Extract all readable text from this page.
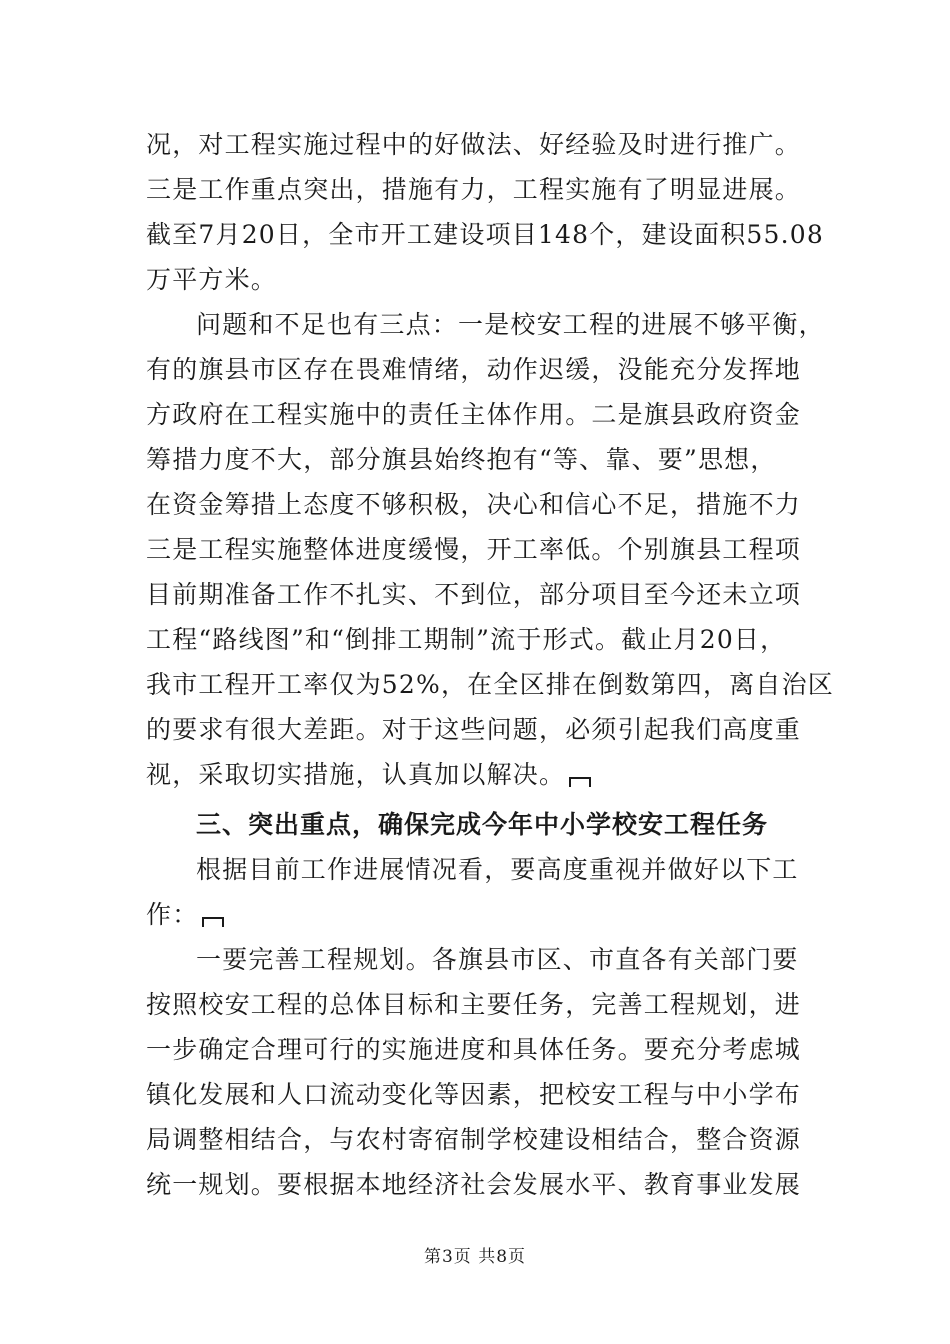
况，对工程实施过程中的好做法、好经验及时进行推广。
三是工作重点突出，措施有力，工程实施有了明显进展。
截至7月20日，全市开工建设项目148个，建设面积55.08
万平方米。
问题和不足也有三点：一是校安工程的进展不够平衡，
有的旗县市区存在畏难情绪，动作迟缓，没能充分发挥地
方政府在工程实施中的责任主体作用。二是旗县政府资金
筹措力度不大，部分旗县始终抱有“等、靠、要”思想，
在资金筹措上态度不够积极，决心和信心不足，措施不力
三是工程实施整体进度缓慢，开工率低。个别旗县工程项
目前期准备工作不扎实、不到位，部分项目至今还未立项
工程“路线图”和“倒排工期制”流于形式。截止月20日，
我市工程开工率仅为52%，在全区排在倒数第四，离自治区
的要求有很大差距。对于这些问题，必须引起我们高度重
视，采取切实措施，认真加以解决。
三、突出重点，确保完成今年中小学校安工程任务
根据目前工作进展情况看，要高度重视并做好以下工
作：
一要完善工程规划。各旗县市区、市直各有关部门要
按照校安工程的总体目标和主要任务，完善工程规划，进
一步确定合理可行的实施进度和具体任务。要充分考虑城
镇化发展和人口流动变化等因素，把校安工程与中小学布
局调整相结合，与农村寄宿制学校建设相结合，整合资源
统一规划。要根据本地经济社会发展水平、教育事业发展
第3页 共8页
